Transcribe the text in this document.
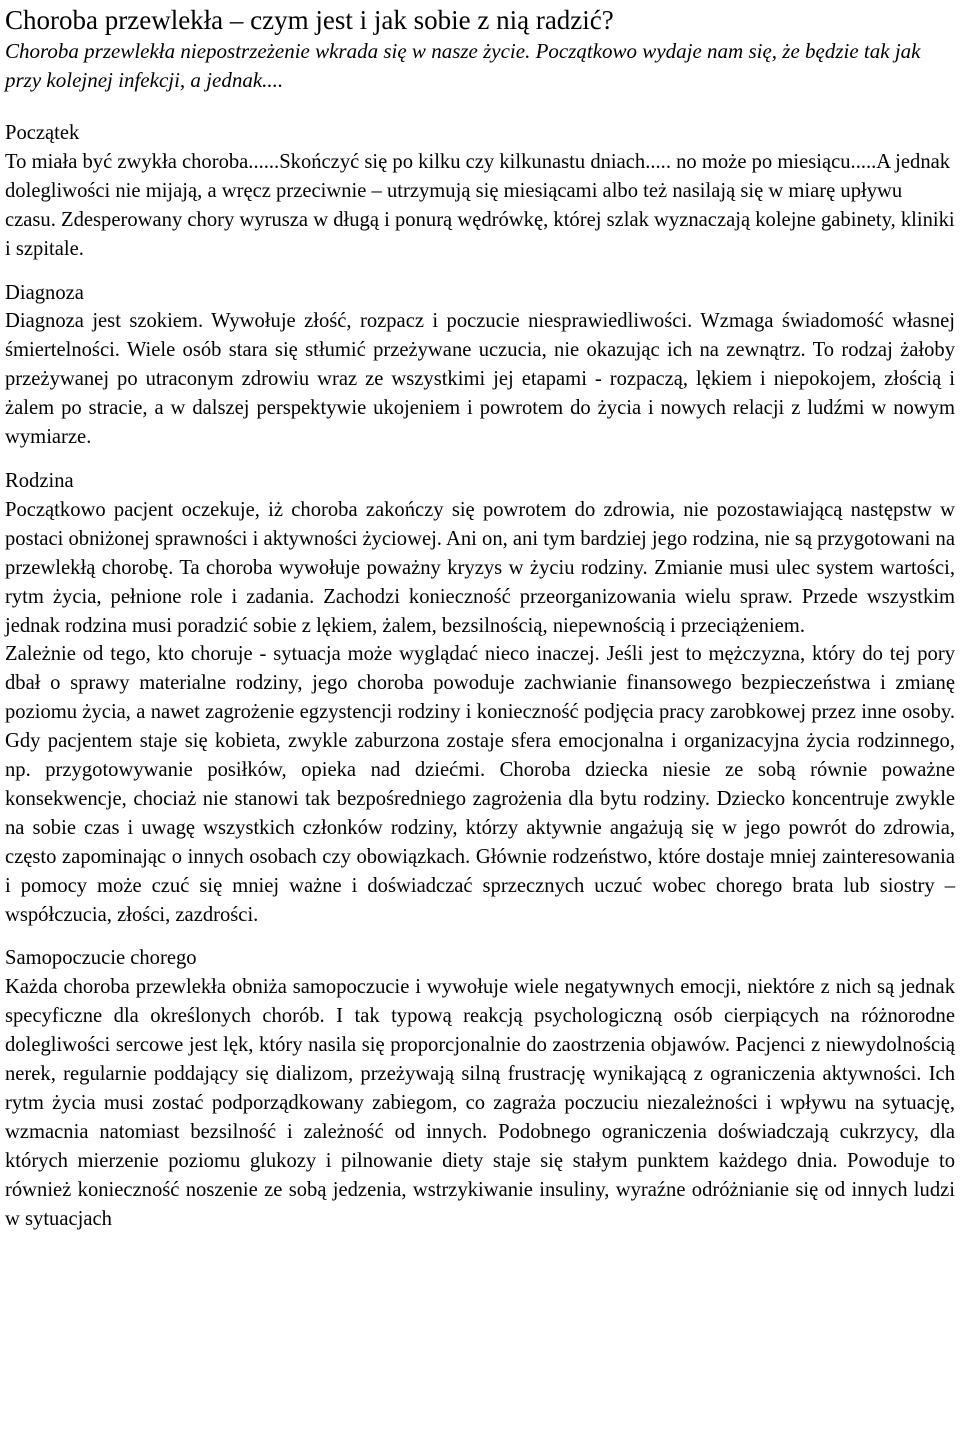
Choroba przewlekła – czym jest i jak sobie z nią radzić?

Choroba przewlekła niepostrzeżenie wkrada się w nasze życie. Początkowo wydaje nam się, że będzie tak jak przy kolejnej infekcji, a jednak....

Początek

To miała być zwykła choroba......Skończyć się po kilku czy kilkunastu dniach..... no może po miesiącu.....A jednak dolegliwości nie mijają, a wręcz przeciwnie – utrzymują się miesiącami albo też nasilają się w miarę upływu czasu. Zdesperowany chory wyrusza w długą i ponurą wędrówkę, której szlak wyznaczają kolejne gabinety, kliniki i szpitale.

Diagnoza

Diagnoza jest szokiem. Wywołuje złość, rozpacz i poczucie niesprawiedliwości. Wzmaga świadomość własnej śmiertelności. Wiele osób stara się stłumić przeżywane uczucia, nie okazując ich na zewnątrz. To rodzaj żałoby przeżywanej po utraconym zdrowiu wraz ze wszystkimi jej etapami - rozpaczą, lękiem i niepokojem, złością i żalem po stracie, a w dalszej perspektywie ukojeniem i powrotem do życia i nowych relacji z ludźmi w nowym wymiarze.

Rodzina

Początkowo pacjent oczekuje, iż choroba zakończy się powrotem do zdrowia, nie pozostawiającą następstw w postaci obniżonej sprawności i aktywności życiowej. Ani on, ani tym bardziej jego rodzina, nie są przygotowani na przewlekłą chorobę. Ta choroba wywołuje poważny kryzys w życiu rodziny. Zmianie musi ulec system wartości, rytm życia, pełnione role i zadania. Zachodzi konieczność przeorganizowania wielu spraw. Przede wszystkim jednak rodzina musi poradzić sobie z lękiem, żalem, bezsilnością, niepewnością i przeciążeniem.

Zależnie od tego, kto choruje - sytuacja może wyglądać nieco inaczej. Jeśli jest to mężczyzna, który do tej pory dbał o sprawy materialne rodziny, jego choroba powoduje zachwianie finansowego bezpieczeństwa i zmianę poziomu życia, a nawet zagrożenie egzystencji rodziny i konieczność podjęcia pracy zarobkowej przez inne osoby. Gdy pacjentem staje się kobieta, zwykle zaburzona zostaje sfera emocjonalna i organizacyjna życia rodzinnego, np. przygotowywanie posiłków, opieka nad dziećmi. Choroba dziecka niesie ze sobą równie poważne konsekwencje, chociaż nie stanowi tak bezpośredniego zagrożenia dla bytu rodziny. Dziecko koncentruje zwykle na sobie czas i uwagę wszystkich członków rodziny, którzy aktywnie angażują się w jego powrót do zdrowia, często zapominając o innych osobach czy obowiązkach. Głównie rodzeństwo, które dostaje mniej zainteresowania i pomocy może czuć się mniej ważne i doświadczać sprzecznych uczuć wobec chorego brata lub siostry – współczucia, złości, zazdrości.

Samopoczucie chorego

Każda choroba przewlekła obniża samopoczucie i wywołuje wiele negatywnych emocji, niektóre z nich są jednak specyficzne dla określonych chorób. I tak typową reakcją psychologiczną osób cierpiących na różnorodne dolegliwości sercowe jest lęk, który nasila się proporcjonalnie do zaostrzenia objawów. Pacjenci z niewydolnością nerek, regularnie poddający się dializom, przeżywają silną frustrację wynikającą z ograniczenia aktywności. Ich rytm życia musi zostać podporządkowany zabiegom, co zagraża poczuciu niezależności i wpływu na sytuację, wzmacnia natomiast bezsilność i zależność od innych. Podobnego ograniczenia doświadczają cukrzycy, dla których mierzenie poziomu glukozy i pilnowanie diety staje się stałym punktem każdego dnia. Powoduje to również konieczność noszenie ze sobą jedzenia, wstrzykiwanie insuliny, wyraźne odróżnianie się od innych ludzi w sytuacjach
